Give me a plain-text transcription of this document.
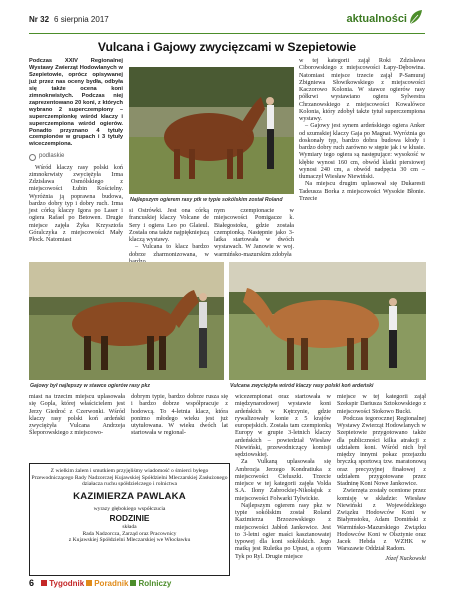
Nr 32 6 sierpnia 2017	aktualności
Vulcana i Gajowy zwycięzcami w Szepietowie

Podczas XXIV Regionalnej Wystawy Zwierząt Hodowlanych w Szepietowie, oprócz opisywanej już przez nas oceny bydła, odbyła się także ocena koni zimnokrwistych. Podczas niej zaprezentowano 20 koni, z których wybrano 2 superczempiony – superczempionkę wśród klaczy i superczempiona wśród ogierów. Ponadto przyznano 4 tytuły czempionów w grupach i 3 tytuły wiceczempiona.

podlaskie

Wśród klaczy rasy polski koń zimnokrwisty zwyciężyła Irma Zdzisława Osmólskiego z miejscowości Łubin Kościelny. Wyróżnia ją poprawna budowa, bardzo dobry typ i dobry ruch. Irma jest córką klaczy Igora po Laser i ogiera Rafael po Betowen. Drugie miejsce zajęła Żyka Krzysztofa Góralczyka z miejscowości Mały Płock. Natomiast

Najlepszym ogierem rasy ptk w typie sokólskim został Roland

si Ostrówki. Jest ona córką francuskiej klaczy Volcane de Sery i ogiera Leo po Glaieul. Została ona także najpiękniejszą klaczą wystawy.

– Vulcana to klacz bardzo dobrze zharmonizowana, w

nym czempionacie w miejscowości Pomigacze k. Białegostoku, gdzie została czempionką. Następnie jako 3-latka startowała w dwóch wystawach. W Janowie w woj. warmińsko-mazurskim zdobyła

w tej kategorii zajął Roki Zdzisława Ciborowskiego z miejscowości Łapy-Dębowina. Natomiast miejsce trzecie zajął P-Samuraj Zbigniewa Słowikowskiego z miejscowości Kaczorowo Kolonia. W stawce ogierów rasy półkrwi wystawiano ogiera Sylwestra Chrzanowskiego z miejscowości Kowalówce Kolonia, który zdobył także tytuł superczempiona wystawy.

– Gajowy jest synem ardeńskiego ogiera Anker od szumskiej klaczy Gaja po Magnat. Wyróżnia go doskonały typ, bardzo dobra budowa kłody i bardzo dobry ruch zarówno w stępie jak i w kłusie. Wymiary tego ogiera są następujące: wysokość w kłębie wynosi 160 cm, obwód klatki piersiowej wynosi 240 cm, a obwód nadpęcia 30 cm – tłumaczył Wiesław Niewiński.

Na miejscu drugim uplasował się Dukaresti Tadeusza Borka z miejscowości Wysokie Błonie. Trzecie

Gajowy był najlepszy w stawce ogierów rasy pkz	Vulcana zwyciężyła wśród klaczy rasy polski koń ardeński

miast na trzecim miejscu uplasowała się Gopla, której właścicielem jest Jerzy Giedroć z Czerwonki. Wśród klaczy rasy polski koń ardeński zwyciężyła Vulcana Andrzeja Śleporowskiego z miejscowo-

dobrym typie, bardzo dobrze rusza się i bardzo dobrze współpracuje z hodowcą. To 4-letnia klacz, która ponimo młodego wieku jest już utytułowana. W wieku dwóch lat startowała w regional-

wicezempionat oraz startowała w międzynarodowej wystawie koni ardeńskich w Kętrzynie, gdzie rywalizowały konie z 5 krajów europejskich. Została tam czempionką Europy w grupie 3-letnich klaczy ardeńskich – powiedział Wiesław Niewiński, przewodniczący komisji sędziowskiej.

Za Vulkaną uplasowała się Ambrozja Jerzego Kondratiuka z miejscowości Cieluszki. Trzecie miejsce w tej kategorii zajęła Volda S.A. Ilony Zabrockiej-Nikołajuk z miejscowości Folwarki Tylwickie.

Najlepszym ogierem rasy pkz w typie sokólskim został Roland Kazimierza Brzozowskiego z miejscowości Jabłoń Jankowice. Jest to 3-letni ogier maści kasztanowatej typowej dla koni sokólskich. Jego matką jest Ruletka po Upust, a ojcem Tyk po Ryl. Drugie miejsce

miejsce w tej kategorii zajął Szekspir Dariusza Sztokowskiego z miejscowości Stokowo Bucki.

Podczas tegorocznej Regionalnej Wystawy Zwierząt Hodowlanych w Szepietowie przygotowano także dla publiczności kilka atrakcji z udziałem koni. Wśród nich był między innymi pokaz przejazdu bryczką sportową tzw. maratonową oraz precyzyjnej finałowej z udziałem przygotowane przez Stadninę Koni Nowe Jankowice.

Zwierzęta zostały ocenione przez komisję w składzie: Wiesław Niewiński z Wojewódzkiego Związku Hodowców Koni w Białymstoku, Adam Domiński z Warmińsko-Mazurskiego Związku Hodowców Koni w Olsztynie oraz Jacek Hebda z WZHK w Warszawie Oddział Radom.

Józef Nuckowski

Z wielkim żalem i smutkiem przyjęliśmy wiadomość o śmierci byłego Przewodniczącego Rady Nadzorczej Kujawskiej Spółdzielni Mleczarskiej Zasłużonego działacza ruchu spółdzielczego i rolnictwa

KAZIMIERZA PAWLAKA

wyrazy głębokiego współczucia

RODZINIE

składa

Rada Nadzorcza, Zarząd oraz Pracownicy

z Kujawskiej Spółdzielni Mleczarskiej we Włocławku

6 Tygodnik Poradnik Rolniczy
